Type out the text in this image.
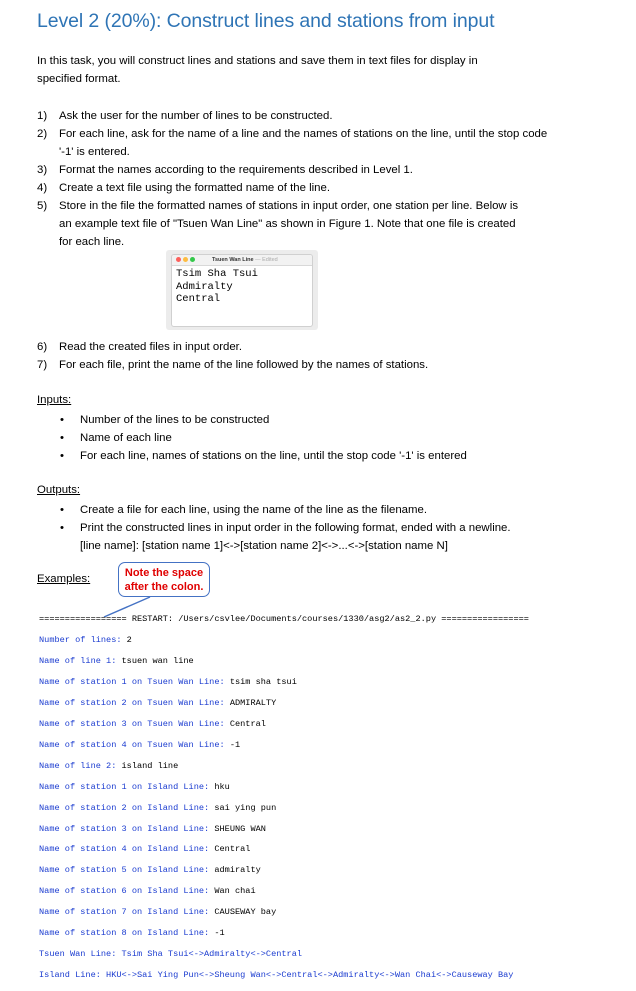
Level 2 (20%): Construct lines and stations from input
In this task, you will construct lines and stations and save them in text files for display in specified format.
1) Ask the user for the number of lines to be constructed.
2) For each line, ask for the name of a line and the names of stations on the line, until the stop code '-1' is entered.
3) Format the names according to the requirements described in Level 1.
4) Create a text file using the formatted name of the line.
5) Store in the file the formatted names of stations in input order, one station per line. Below is an example text file of "Tsuen Wan Line" as shown in Figure 1. Note that one file is created for each line.
Tsuen Wan Line — Edited
Tsim Sha Tsui
Admiralty
Central
6) Read the created files in input order.
7) For each file, print the name of the line followed by the names of stations.
Inputs:
• Number of the lines to be constructed
• Name of each line
• For each line, names of stations on the line, until the stop code '-1' is entered
Outputs:
• Create a file for each line, using the name of the line as the filename.
• Print the constructed lines in input order in the following format, ended with a newline.
[line name]: [station name 1]<->[station name 2]<->...<->[station name N]
Examples:	Note the space after the colon.

================= RESTART: /Users/csvlee/Documents/courses/1330/asg2/as2_2.py =================

Number of lines: 2

Name of line 1: tsuen wan line

Name of station 1 on Tsuen Wan Line: tsim sha tsui

Name of station 2 on Tsuen Wan Line: ADMIRALTY

Name of station 3 on Tsuen Wan Line: Central

Name of station 4 on Tsuen Wan Line: -1

Name of line 2: island line

Name of station 1 on Island Line: hku

Name of station 2 on Island Line: sai ying pun

Name of station 3 on Island Line: SHEUNG WAN

Name of station 4 on Island Line: Central

Name of station 5 on Island Line: admiralty

Name of station 6 on Island Line: Wan chai

Name of station 7 on Island Line: CAUSEWAY bay

Name of station 8 on Island Line: -1

Tsuen Wan Line: Tsim Sha Tsui<->Admiralty<->Central

Island Line: HKU<->Sai Ying Pun<->Sheung Wan<->Central<->Admiralty<->Wan Chai<->Causeway Bay
